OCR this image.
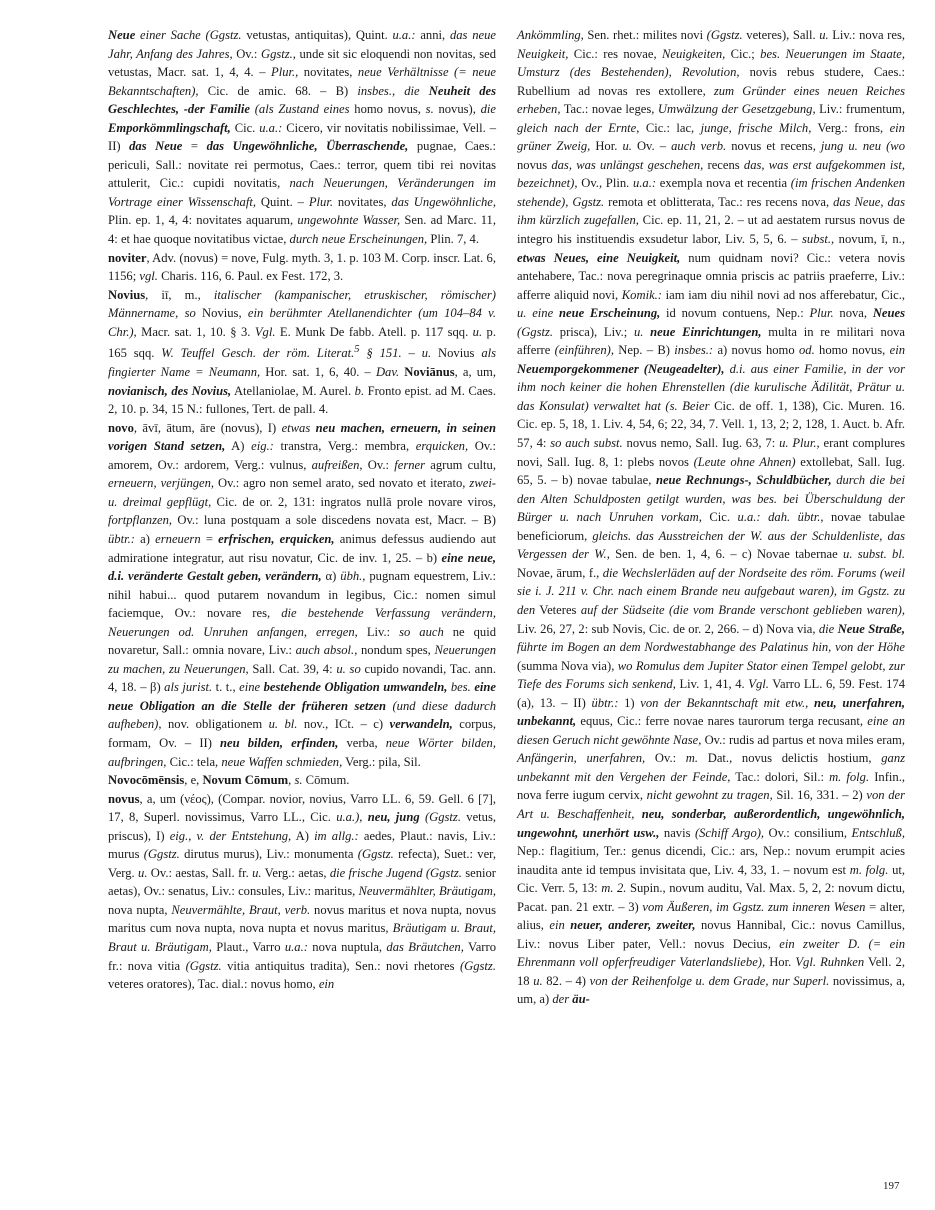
Neue einer Sache (Ggstz. vetustas, antiquitas), Quint. u.a.: anni, das neue Jahr, Anfang des Jahres, Ov.: Ggstz., unde sit sic eloquendi non novitas, sed vetustas, Macr. sat. 1, 4, 4. – Plur., novitates, neue Verhältnisse (= neue Bekanntschaften), Cic. de amic. 68. – B) insbes., die Neuheit des Geschlechtes, -der Familie (als Zustand eines homo novus, s. novus), die Emporkömmlingschaft, Cic. u.a.: Cicero, vir novitatis nobilissimae, Vell. – II) das Neue = das Ungewöhnliche, Überraschende, pugnae, Caes.: periculi, Sall.: novitate rei permotus, Caes.: terror, quem tibi rei novitas attulerit, Cic.: cupidi novitatis, nach Neuerungen, Veränderungen im Vortrage einer Wissenschaft, Quint. – Plur. novitates, das Ungewöhnliche, Plin. ep. 1, 4, 4: novitates aquarum, ungewohnte Wasser, Sen. ad Marc. 11, 4: et hae quoque novitatibus victae, durch neue Erscheinungen, Plin. 7, 4.

noviter, Adv. (novus) = nove, Fulg. myth. 3, 1. p. 103 M. Corp. inscr. Lat. 6, 1156; vgl. Charis. 116, 6. Paul. ex Fest. 172, 3.

Novius, iī, m., italischer (kampanischer, etruskischer, römischer) Männername, so Novius, ein berühmter Atellanendichter (um 104–84 v. Chr.), Macr. sat. 1, 10. § 3. Vgl. E. Munk De fabb. Atell. p. 117 sqq. u. p. 165 sqq. W. Teuffel Gesch. der röm. Literat.$^5$ § 151. – u. Novius als fingierter Name = Neumann, Hor. sat. 1, 6, 40. – Dav. Noviānus, a, um, novianisch, des Novius, Atellaniolae, M. Aurel. b. Fronto epist. ad M. Caes. 2, 10. p. 34, 15 N.: fullones, Tert. de pall. 4.

novo, āvī, ātum, āre (novus), I) etwas neu machen, erneuern, in seinen vorigen Stand setzen, A) eig.: transtra, Verg.: membra, erquicken, Ov.: amorem, Ov.: ardorem, Verg.: vulnus, aufreißen, Ov.: ferner agrum cultu, erneuern, verjüngen, Ov.: agro non semel arato, sed novato et iterato, zwei- u. dreimal gepflügt, Cic. de or. 2, 131: ingratos nullā prole novare viros, fortpflanzen, Ov.: luna postquam a sole discedens novata est, Macr. – B) übtr.: a) erneuern = erfrischen, erquicken, animus defessus audiendo aut admiratione integratur, aut risu novatur, Cic. de inv. 1, 25. – b) eine neue, d.i. veränderte Gestalt geben, verändern, α) übh., pugnam equestrem, Liv.: nihil habui... quod putarem novandum in legibus, Cic.: nomen simul faciemque, Ov.: novare res, die bestehende Verfassung verändern, Neuerungen od. Unruhen anfangen, erregen, Liv.: so auch ne quid novaretur, Sall.: omnia novare, Liv.: auch absol., nondum spes, Neuerungen zu machen, zu Neuerungen, Sall. Cat. 39, 4: u. so cupido novandi, Tac. ann. 4, 18. – β) als jurist. t. t., eine bestehende Obligation umwandeln, bes. eine neue Obligation an die Stelle der früheren setzen (und diese dadurch aufheben), nov. obligationem u. bl. nov., ICt. – c) verwandeln, corpus, formam, Ov. – II) neu bilden, erfinden, verba, neue Wörter bilden, aufbringen, Cic.: tela, neue Waffen schmieden, Verg.: pila, Sil.

Novocōmēnsis, e, Novum Cōmum, s. Cōmum.

novus, a, um (νέος), (Compar. novior, novius, Varro LL. 6, 59. Gell. 6 [7], 17, 8, Superl. novissimus, Varro LL., Cic. u.a.), neu, jung (Ggstz. vetus, priscus), I) eig., v. der Entstehung, A) im allg.: aedes, Plaut.: navis, Liv.: murus (Ggstz. dirutus murus), Liv.: monumenta (Ggstz. refecta), Suet.: ver, Verg. u. Ov.: aestas, Sall. fr. u. Verg.: aetas, die frische Jugend (Ggstz. senior aetas), Ov.: senatus, Liv.: consules, Liv.: maritus, Neuvermählter, Bräutigam, nova nupta, Neuvermählte, Braut, verb. novus maritus et nova nupta, novus maritus cum nova nupta, nova nupta et novus maritus, Bräutigam u. Braut, Braut u. Bräutigam, Plaut., Varro u.a.: nova nuptula, das Bräutchen, Varro fr.: nova vitia (Ggstz. vitia antiquitus tradita), Sen.: novi rhetores (Ggstz. veteres oratores), Tac. dial.: novus homo, ein

Ankömmling, Sen. rhet.: milites novi (Ggstz. veteres), Sall. u. Liv.: nova res, Neuigkeit, Cic.: res novae, Neuigkeiten, Cic.; bes. Neuerungen im Staate, Umsturz (des Bestehenden), Revolution, novis rebus studere, Caes.: Rubellium ad novas res extollere, zum Gründer eines neuen Reiches erheben, Tac.: novae leges, Umwälzung der Gesetzgebung, Liv.: frumentum, gleich nach der Ernte, Cic.: lac, junge, frische Milch, Verg.: frons, ein grüner Zweig, Hor. u. Ov. – auch verb. novus et recens, jung u. neu (wo novus das, was unlängst geschehen, recens das, was erst aufgekommen ist, bezeichnet), Ov., Plin. u.a.: exempla nova et recentia (im frischen Andenken stehende), Ggstz. remota et oblitterata, Tac.: res recens nova, das Neue, das ihm kürzlich zugefallen, Cic. ep. 11, 21, 2. – ut ad aestatem rursus novus de integro his instituendis exsudetur labor, Liv. 5, 5, 6. – subst., novum, ī, n., etwas Neues, eine Neuigkeit, num quidnam novi? Cic.: vetera novis antehabere, Tac.: nova peregrinaque omnia priscis ac patriis praeferre, Liv.: afferre aliquid novi, Komik.: iam iam diu nihil novi ad nos afferebatur, Cic., u. eine neue Erscheinung, id novum contuens, Nep.: Plur. nova, Neues (Ggstz. prisca), Liv.; u. neue Einrichtungen, multa in re militari nova afferre (einführen), Nep. – B) insbes.: a) novus homo od. homo novus, ein Neuemporgekommener (Neugeadelter), d.i. aus einer Familie, in der vor ihm noch keiner die hohen Ehrenstellen (die kurulische Ädilität, Prätur u. das Konsulat) verwaltet hat (s. Beier Cic. de off. 1, 138), Cic. Muren. 16. Cic. ep. 5, 18, 1. Liv. 4, 54, 6; 22, 34, 7. Vell. 1, 13, 2; 2, 128, 1. Auct. b. Afr. 57, 4: so auch subst. novus nemo, Sall. Iug. 63, 7: u. Plur., erant complures novi, Sall. Iug. 8, 1: plebs novos (Leute ohne Ahnen) extollebat, Sall. Iug. 65, 5. – b) novae tabulae, neue Rechnungs-, Schuldbücher, durch die bei den Alten Schuldposten getilgt wurden, was bes. bei Überschuldung der Bürger u. nach Unruhen vorkam, Cic. u.a.: dah. übtr., novae tabulae beneficiorum, gleichs. das Ausstreichen der W. aus der Schuldenliste, das Vergessen der W., Sen. de ben. 1, 4, 6. – c) Novae tabernae u. subst. bl. Novae, ārum, f., die Wechslerläden auf der Nordseite des röm. Forums (weil sie i. J. 211 v. Chr. nach einem Brande neu aufgebaut waren), im Ggstz. zu den Veteres auf der Südseite (die vom Brande verschont geblieben waren), Liv. 26, 27, 2: sub Novis, Cic. de or. 2, 266. – d) Nova via, die Neue Straße, führte im Bogen an dem Nordwestabhange des Palatinus hin, von der Höhe (summa Nova via), wo Romulus dem Jupiter Stator einen Tempel gelobt, zur Tiefe des Forums sich senkend, Liv. 1, 41, 4. Vgl. Varro LL. 6, 59. Fest. 174 (a), 13. – II) übtr.: 1) von der Bekanntschaft mit etw., neu, unerfahren, unbekannt, equus, Cic.: ferre novae nares taurorum terga recusant, eine an diesen Geruch nicht gewöhnte Nase, Ov.: rudis ad partus et nova miles eram, Anfängerin, unerfahren, Ov.: m. Dat., novus delictis hostium, ganz unbekannt mit den Vergehen der Feinde, Tac.: dolori, Sil.: m. folg. Infin., nova ferre iugum cervix, nicht gewohnt zu tragen, Sil. 16, 331. – 2) von der Art u. Beschaffenheit, neu, sonderbar, außerordentlich, ungewöhnlich, ungewohnt, unerhört usw., navis (Schiff Argo), Ov.: consilium, Entschluß, Nep.: flagitium, Ter.: genus dicendi, Cic.: ars, Nep.: novum erumpit acies inaudita ante id tempus invisitata que, Liv. 4, 33, 1. – novum est m. folg. ut, Cic. Verr. 5, 13: m. 2. Supin., novum auditu, Val. Max. 5, 2, 2: novum dictu, Pacat. pan. 21 extr. – 3) vom Äußeren, im Ggstz. zum inneren Wesen = alter, alius, ein neuer, anderer, zweiter, novus Hannibal, Cic.: novus Camillus, Liv.: novus Liber pater, Vell.: novus Decius, ein zweiter D. (= ein Ehrenmann voll opferfreudiger Vaterlandsliebe), Hor. Vgl. Ruhnken Vell. 2, 18 u. 82. – 4) von der Reihenfolge u. dem Grade, nur Superl. novissimus, a, um, a) der äu-

197
